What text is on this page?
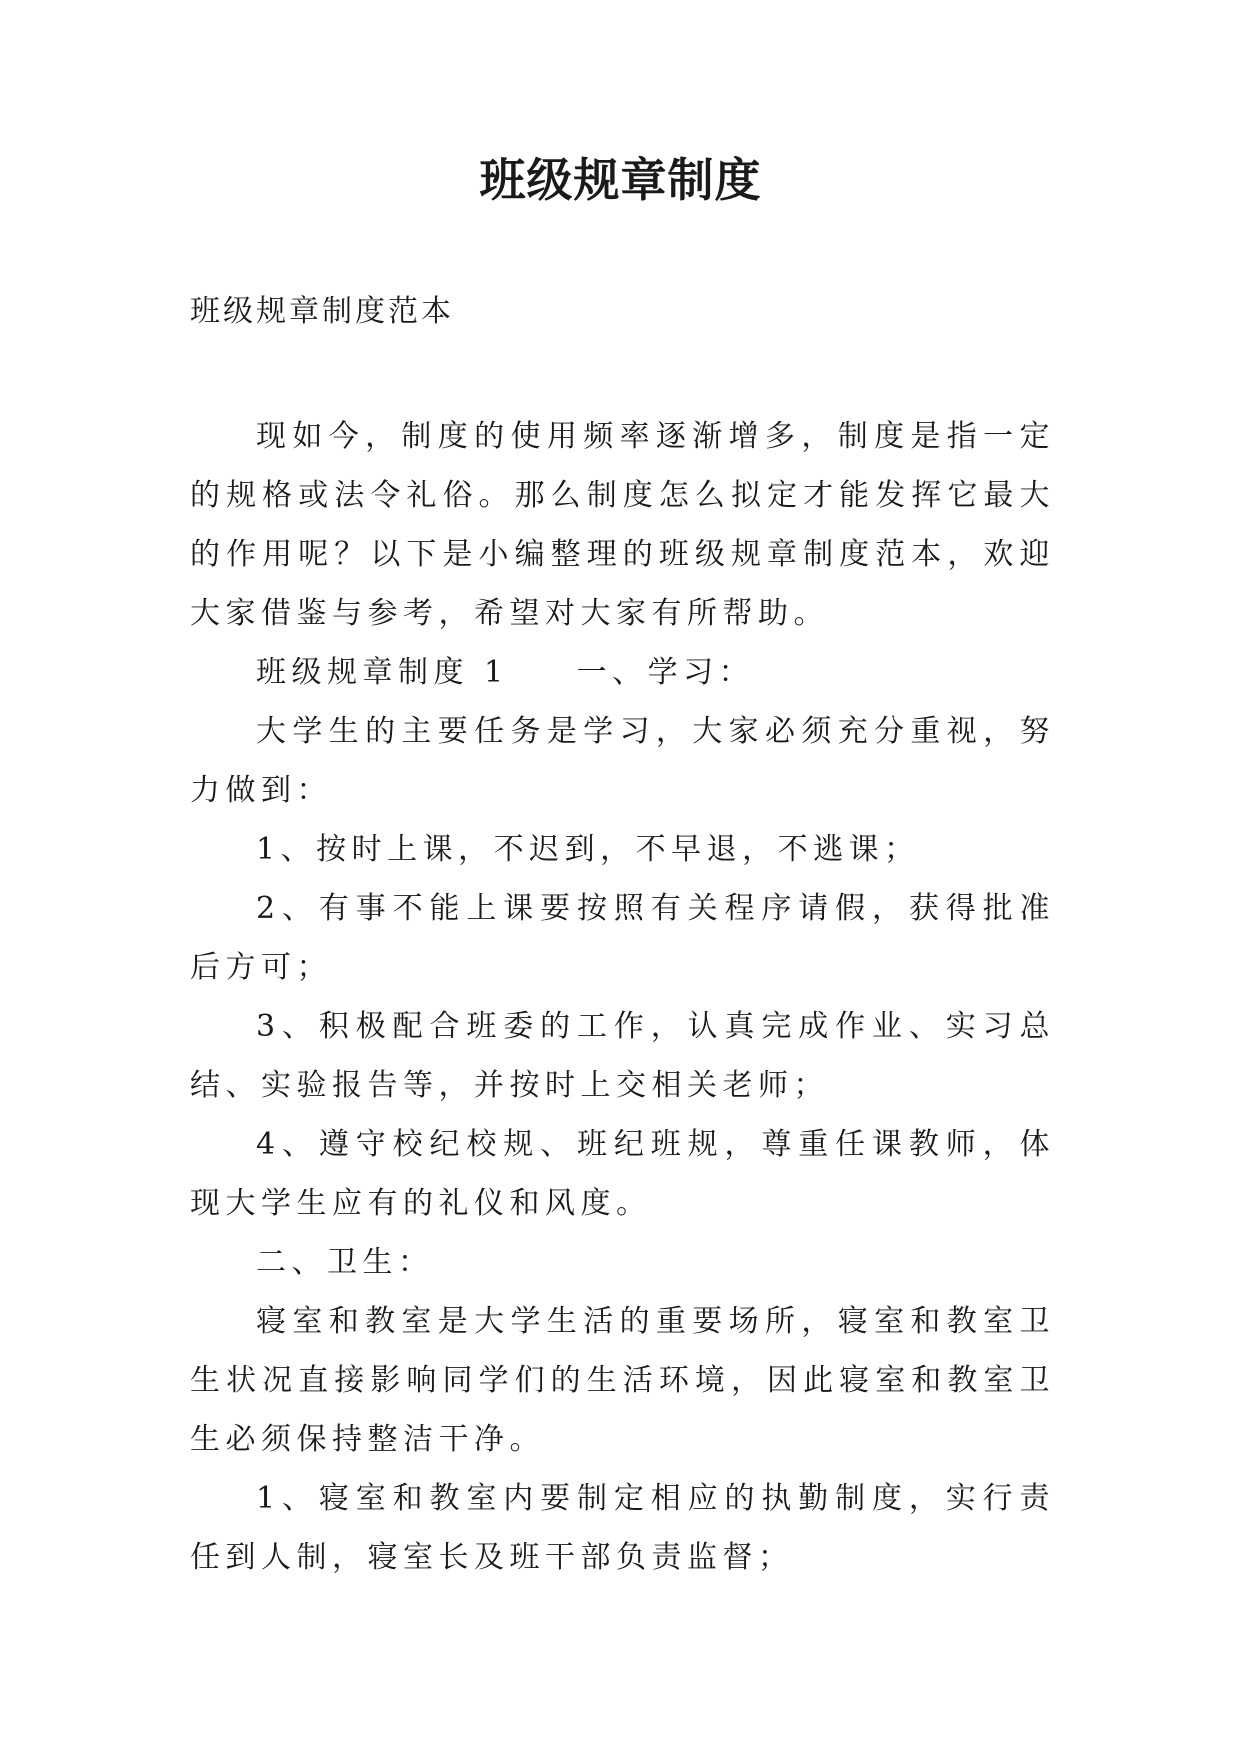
班级规章制度
班级规章制度范本

现如今，制度的使用频率逐渐增多，制度是指一定的规格或法令礼俗。那么制度怎么拟定才能发挥它最大的作用呢？以下是小编整理的班级规章制度范本，欢迎大家借鉴与参考，希望对大家有所帮助。

班级规章制度 1 一、学习：

大学生的主要任务是学习，大家必须充分重视，努力做到：

1、按时上课，不迟到，不早退，不逃课；

2、有事不能上课要按照有关程序请假，获得批准后方可；

3、积极配合班委的工作，认真完成作业、实习总结、实验报告等，并按时上交相关老师；

4、遵守校纪校规、班纪班规，尊重任课教师，体现大学生应有的礼仪和风度。

二、卫生：

寝室和教室是大学生活的重要场所，寝室和教室卫生状况直接影响同学们的生活环境，因此寝室和教室卫生必须保持整洁干净。

1、寝室和教室内要制定相应的执勤制度，实行责任到人制，寝室长及班干部负责监督；
